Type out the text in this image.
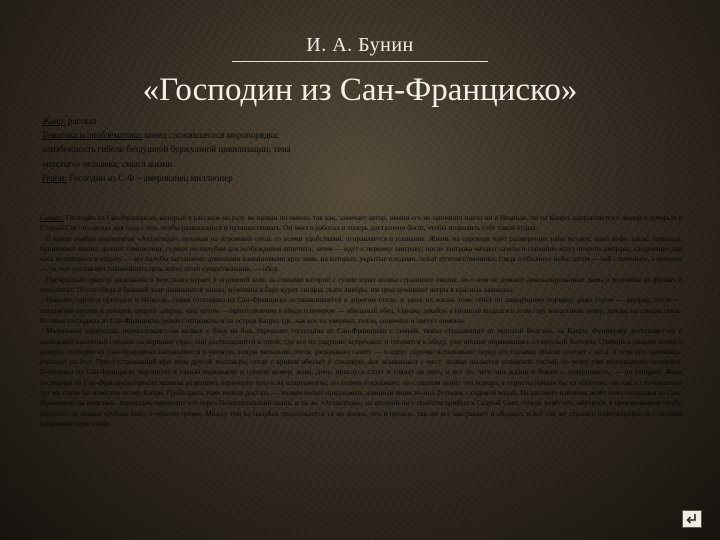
И. А. Бунин
«Господин из Сан-Франциско»
Жанр: рассказ
Тематика и проблематика: конец сложившегося миропорядка; неизбежность гибели бездушной буржуазной цивилизации; тема «пустого» человека; смысл жизни
Герои: Господин из С-Ф – американец миллионер

Сюжет: Господин из Сан-Франциско, который в рассказе ни разу не назван по имени, так как, замечает автор, имени его не запомнил никто ни в Неаполе, ни на Капри, направляется с женой и дочерью в Старый Свет на целых два года с тем, чтобы развлекаться и путешествовать. Он много работал и теперь достаточно богат, чтобы позволить себе такой отдых.

В конце ноября знаменитая «Атлантида», похожая на огромный отель со всеми удобствами, отправляется в плавание. Жизнь на пароходе идёт размеренно: рано встают, пьют кофе, какао, шоколад, принимают ванны, делают гимнастику, гуляют по палубам для возбуждения аппетита; затем — идут к первому завтраку; после завтрака читают газеты и спокойно ждут второго завтрака; следующие два часа посвящаются отдыху — все палубы заставлены длинными камышовыми креслами, на которых, укрытые пледами, лежат путешественники, глядя в облачное небо; затем — чай с печеньем, а вечером — то, что составляет главнейшую цель всего этого существования, — обед.

Прекрасный оркестр изысканно и неустанно играет в огромной зале, за стенами которой с гулом ходят волны страшного океана, но о нем не думают декольтированные дамы и мужчины во фраках и смокингах. После обеда в бальной зале начинаются танцы, мужчины в баре курят сигары, пьют ликёры, им прислуживают негры в красных камзолах.

Наконец пароход приходит в Неаполь, семья господина из Сан-Франциско останавливается в дорогом отеле, и здесь их жизнь тоже течёт по заведённому порядку: рано утром — завтрак, после — посещение музеев и соборов, второй завтрак, чай, потом — приготовление к обеду и вечером — обильный обед. Однако декабрь в Неаполе выдался в этом году ненастный: ветер, дожди, на улицах грязь. И семья господина из Сан-Франциско решает отправиться на остров Капри, где, как все их уверяют, тепло, солнечно и цветут лимоны.

Маленький пароходик, переваливаясь на волнах с боку на бок, перевозит господина из Сан-Франциско с семьёй, тяжко страдающих от морской болезни, на Капри. Фуникулёр доставляет их в маленький каменный городок на вершине горы, они располагаются в отеле, где все их радушно встречают, и готовятся к обеду, уже вполне оправившись от морской болезни. Одевшись раньше жены и дочери, господин из Сан-Франциско направляется в уютную, тихую читальню отеля, раскрывает газету — и вдруг строчки вспыхивают перед его глазами, пенсне слетает с носа, и тело его, извиваясь, сползает на пол. Присутствовавший при этом другой постоялец отеля с криком вбегает в столовую, все вскакивают с мест, хозяин пытается успокоить гостей, но вечер уже непоправимо испорчен. Господина из Сан-Франциско переносят в самый маленький и плохой номер; жена, дочь, прислуга стоят и глядят на него, и вот то, чего они ждали и боялись, совершилось, — он умирает. Жена господина из Сан-Франциско просит хозяина разрешить перенести тело в их апартаменты, но хозяин отказывает: он слишком ценит эти номера, а туристы начали бы их избегать, так как о случившемся тут же стало бы известно всему Капри. Гроба здесь тоже нельзя достать — хозяин может предложить длинный ящик из-под бутылок с содовой водой. На рассвете извозчик везёт тело господина из Сан-Франциско на пристань, пароходик перевозит его через Неаполитанский залив, и та же «Атлантида», на которой он с почётом прибыл в Старый Свет, теперь везёт его, мёртвого, в просмолённом гробу, скрытого от живых глубоко вниз, в чёрном трюме. Между тем на палубах продолжается та же жизнь, что и прежде, так же все завтракают и обедают, и все так же страшен волнующийся за стёклами иллюминаторов океан.
